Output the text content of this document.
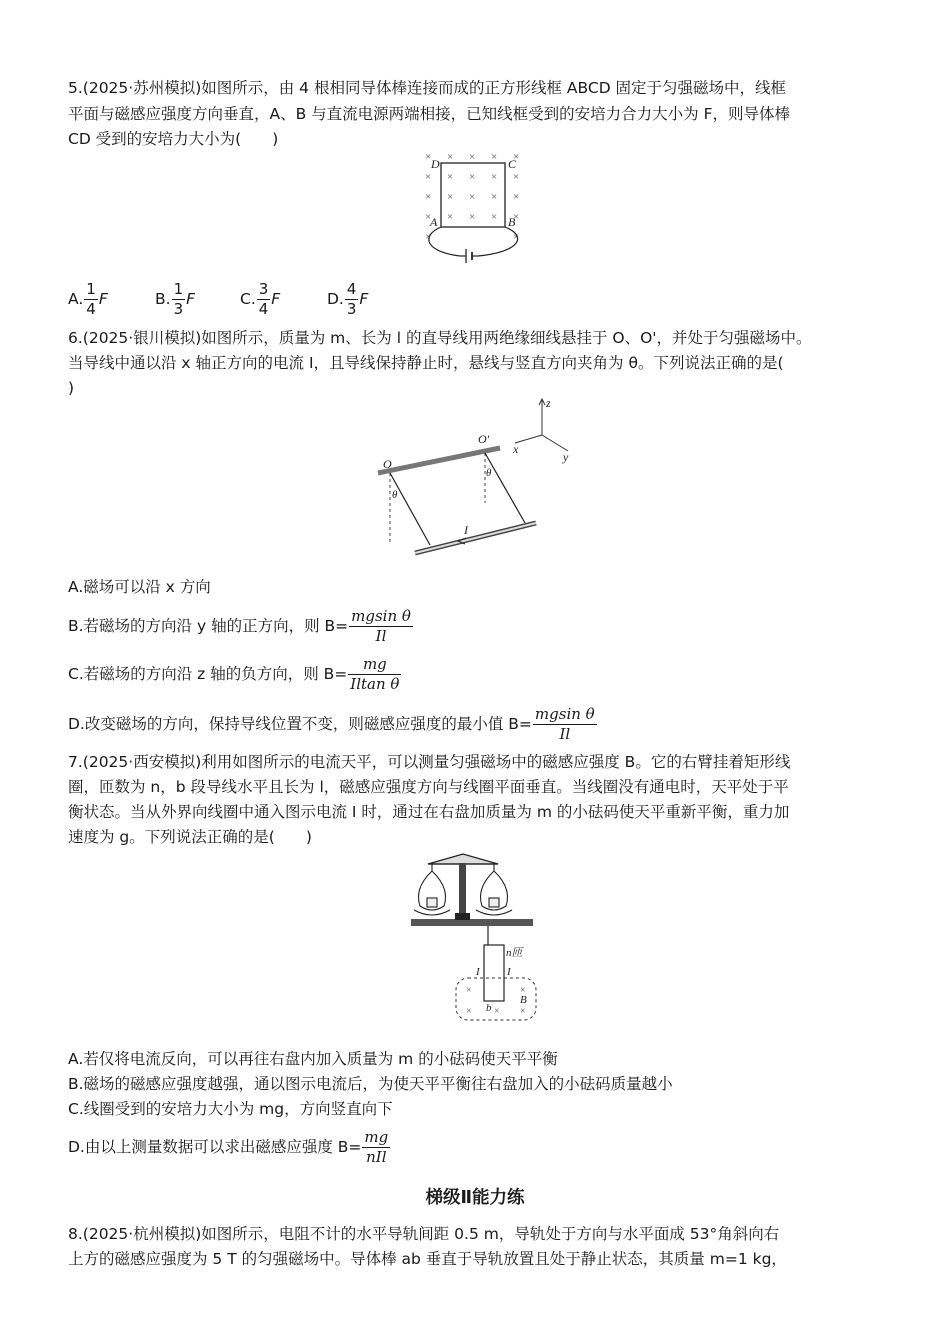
5.(2025·苏州模拟)如图所示，由 4 根相同导体棒连接而成的正方形线框 ABCD 固定于匀强磁场中，线框
平面与磁感应强度方向垂直，A、B 与直流电源两端相接，已知线框受到的安培力合力大小为 F，则导体棒
CD 受到的安培力大小为(　　)
× × × × ×
× × × × ×
× × × × ×
× × × × ×
×	×
D	C
A	B
A. $\frac{1}{4}$ F	B. $\frac{1}{3}$ F	C. $\frac{3}{4}$ F	D. $\frac{4}{3}$ F
6.(2025·银川模拟)如图所示，质量为 m、长为 l 的直导线用两绝缘细线悬挂于 O、O'，并处于匀强磁场中。
当导线中通以沿 x 轴正方向的电流 I，且导线保持静止时，悬线与竖直方向夹角为 θ。下列说法正确的是(
)
z
x
y
O
O′
θ
θ
I
A.磁场可以沿 x 方向
B.若磁场的方向沿 y 轴的正方向，则 $B= \frac{\text{mgsin θ}}{Il}$
C.若磁场的方向沿 z 轴的负方向，则 $B= \frac{mg}{\text{Iltan θ}}$
D.改变磁场的方向，保持导线位置不变，则磁感应强度的最小值 $B= \frac{\text{mgsin θ}}{Il}$
7.(2025·西安模拟)利用如图所示的电流天平，可以测量匀强磁场中的磁感应强度 B。它的右臂挂着矩形线
圈，匝数为 n，b 段导线水平且长为 l，磁感应强度方向与线圈平面垂直。当线圈没有通电时，天平处于平
衡状态。当从外界向线圈中通入图示电流 I 时，通过在右盘加质量为 m 的小砝码使天平重新平衡，重力加
速度为 g。下列说法正确的是(　　)
n匝
×	×
×	×
×
I I
B
b
A.若仅将电流反向，可以再往右盘内加入质量为 m 的小砝码使天平平衡
B.磁场的磁感应强度越强，通以图示电流后，为使天平平衡往右盘加入的小砝码质量越小
C.线圈受到的安培力大小为 mg，方向竖直向下
D.由以上测量数据可以求出磁感应强度 $B= \frac{mg}{\text{nIl}}$
梯级Ⅱ能力练
8.(2025·杭州模拟)如图所示，电阻不计的水平导轨间距 0.5 m，导轨处于方向与水平面成 53°角斜向右
上方的磁感应强度为 5 T 的匀强磁场中。导体棒 ab 垂直于导轨放置且处于静止状态，其质量 m=1 kg，
